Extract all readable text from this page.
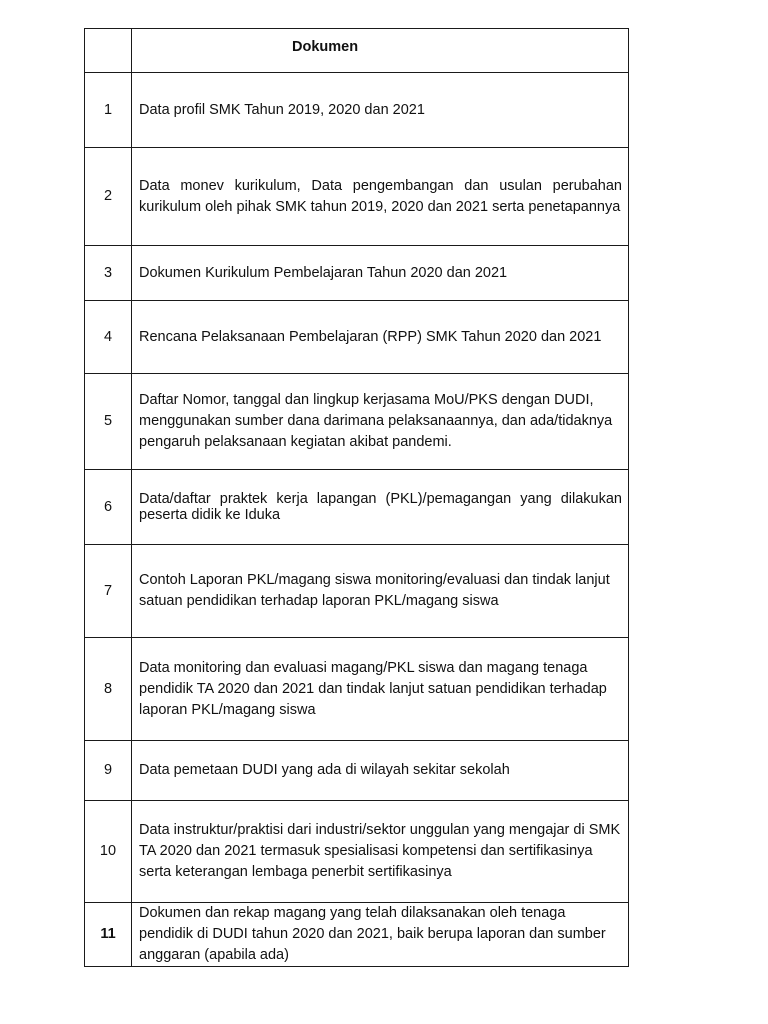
	Dokumen
1	Data profil SMK Tahun 2019, 2020 dan 2021
2	Data monev kurikulum, Data pengembangan dan usulan perubahan kurikulum oleh pihak SMK tahun 2019, 2020 dan 2021 serta penetapannya
3	Dokumen Kurikulum Pembelajaran Tahun 2020 dan 2021
4	Rencana Pelaksanaan Pembelajaran (RPP) SMK Tahun 2020 dan 2021
5	Daftar Nomor, tanggal dan lingkup kerjasama MoU/PKS dengan DUDI, menggunakan sumber dana darimana pelaksanaannya, dan ada/tidaknya pengaruh pelaksanaan kegiatan akibat pandemi.
6	Data/daftar praktek kerja lapangan (PKL)/pemagangan yang dilakukan peserta didik ke Iduka
7	Contoh Laporan PKL/magang siswa monitoring/evaluasi dan tindak lanjut satuan pendidikan terhadap laporan PKL/magang siswa
8	Data monitoring dan evaluasi magang/PKL siswa dan magang tenaga pendidik TA 2020 dan 2021 dan tindak lanjut satuan pendidikan terhadap laporan PKL/magang siswa
9	Data pemetaan DUDI yang ada di wilayah sekitar sekolah
10	Data instruktur/praktisi dari industri/sektor unggulan yang mengajar di SMK TA 2020 dan 2021 termasuk spesialisasi kompetensi dan sertifikasinya serta keterangan lembaga penerbit sertifikasinya
11	Dokumen dan rekap magang yang telah dilaksanakan oleh tenaga pendidik di DUDI tahun 2020 dan 2021, baik berupa laporan dan sumber anggaran (apabila ada)
